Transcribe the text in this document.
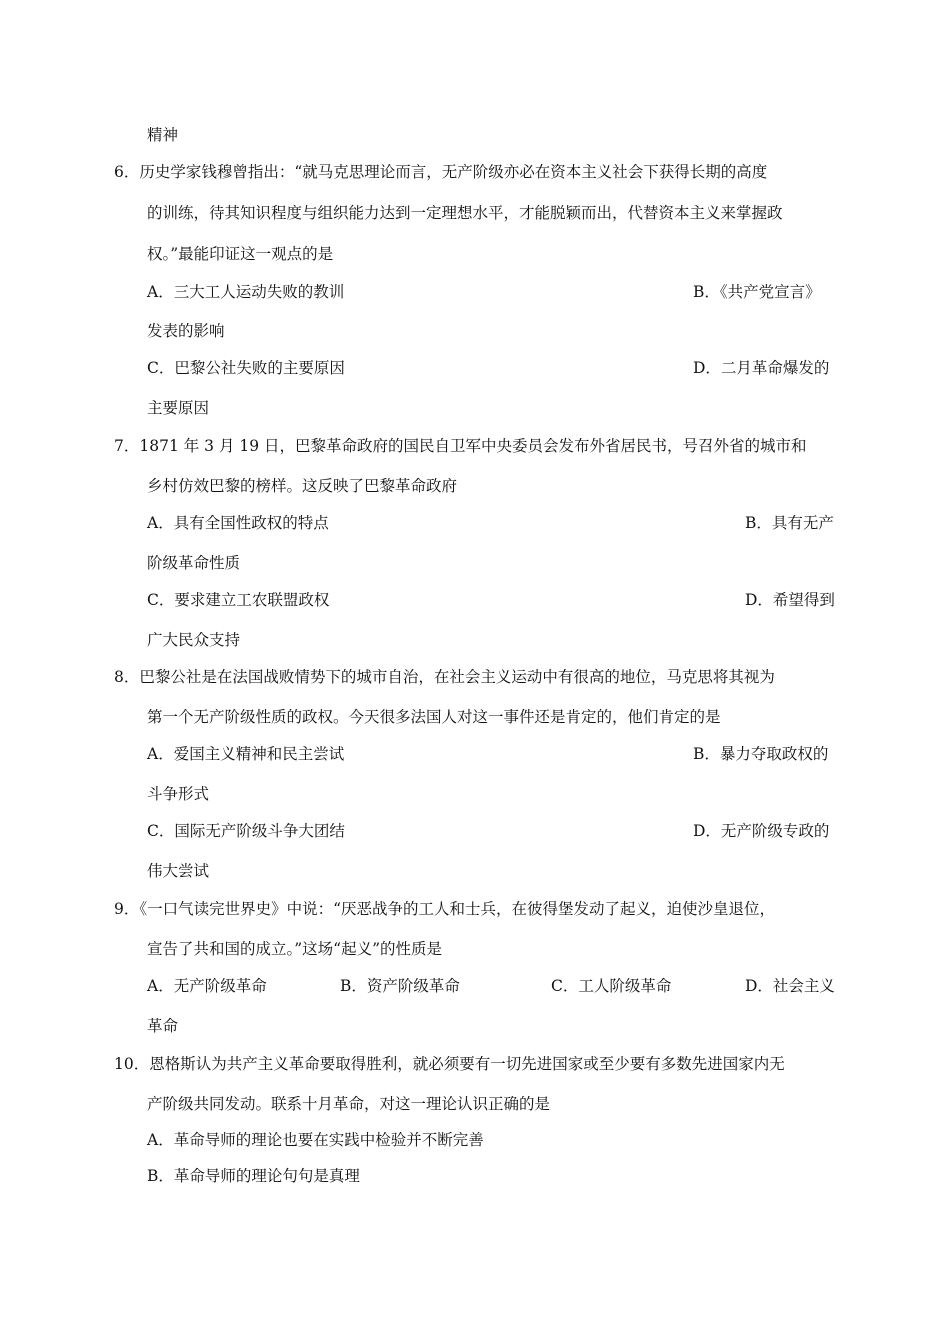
精神
6．历史学家钱穆曾指出：“就马克思理论而言，无产阶级亦必在资本主义社会下获得长期的高度
的训练，待其知识程度与组织能力达到一定理想水平，才能脱颖而出，代替资本主义来掌握政
权。”最能印证这一观点的是
A．三大工人运动失败的教训	B．《共产党宣言》
发表的影响
C．巴黎公社失败的主要原因	D．二月革命爆发的
主要原因
7．1871 年 3 月 19 日，巴黎革命政府的国民自卫军中央委员会发布外省居民书，号召外省的城市和
乡村仿效巴黎的榜样。这反映了巴黎革命政府
A．具有全国性政权的特点	B．具有无产
阶级革命性质
C．要求建立工农联盟政权	D．希望得到
广大民众支持
8．巴黎公社是在法国战败情势下的城市自治，在社会主义运动中有很高的地位，马克思将其视为
第一个无产阶级性质的政权。今天很多法国人对这一事件还是肯定的，他们肯定的是
A．爱国主义精神和民主尝试	B．暴力夺取政权的
斗争形式
C．国际无产阶级斗争大团结	D．无产阶级专政的
伟大尝试
9．《一口气读完世界史》中说：“厌恶战争的工人和士兵，在彼得堡发动了起义，迫使沙皇退位，
宣告了共和国的成立。”这场“起义”的性质是
A．无产阶级革命	B．资产阶级革命	C．工人阶级革命	D．社会主义
革命
10．恩格斯认为共产主义革命要取得胜利，就必须要有一切先进国家或至少要有多数先进国家内无
产阶级共同发动。联系十月革命，对这一理论认识正确的是
A．革命导师的理论也要在实践中检验并不断完善
B．革命导师的理论句句是真理
